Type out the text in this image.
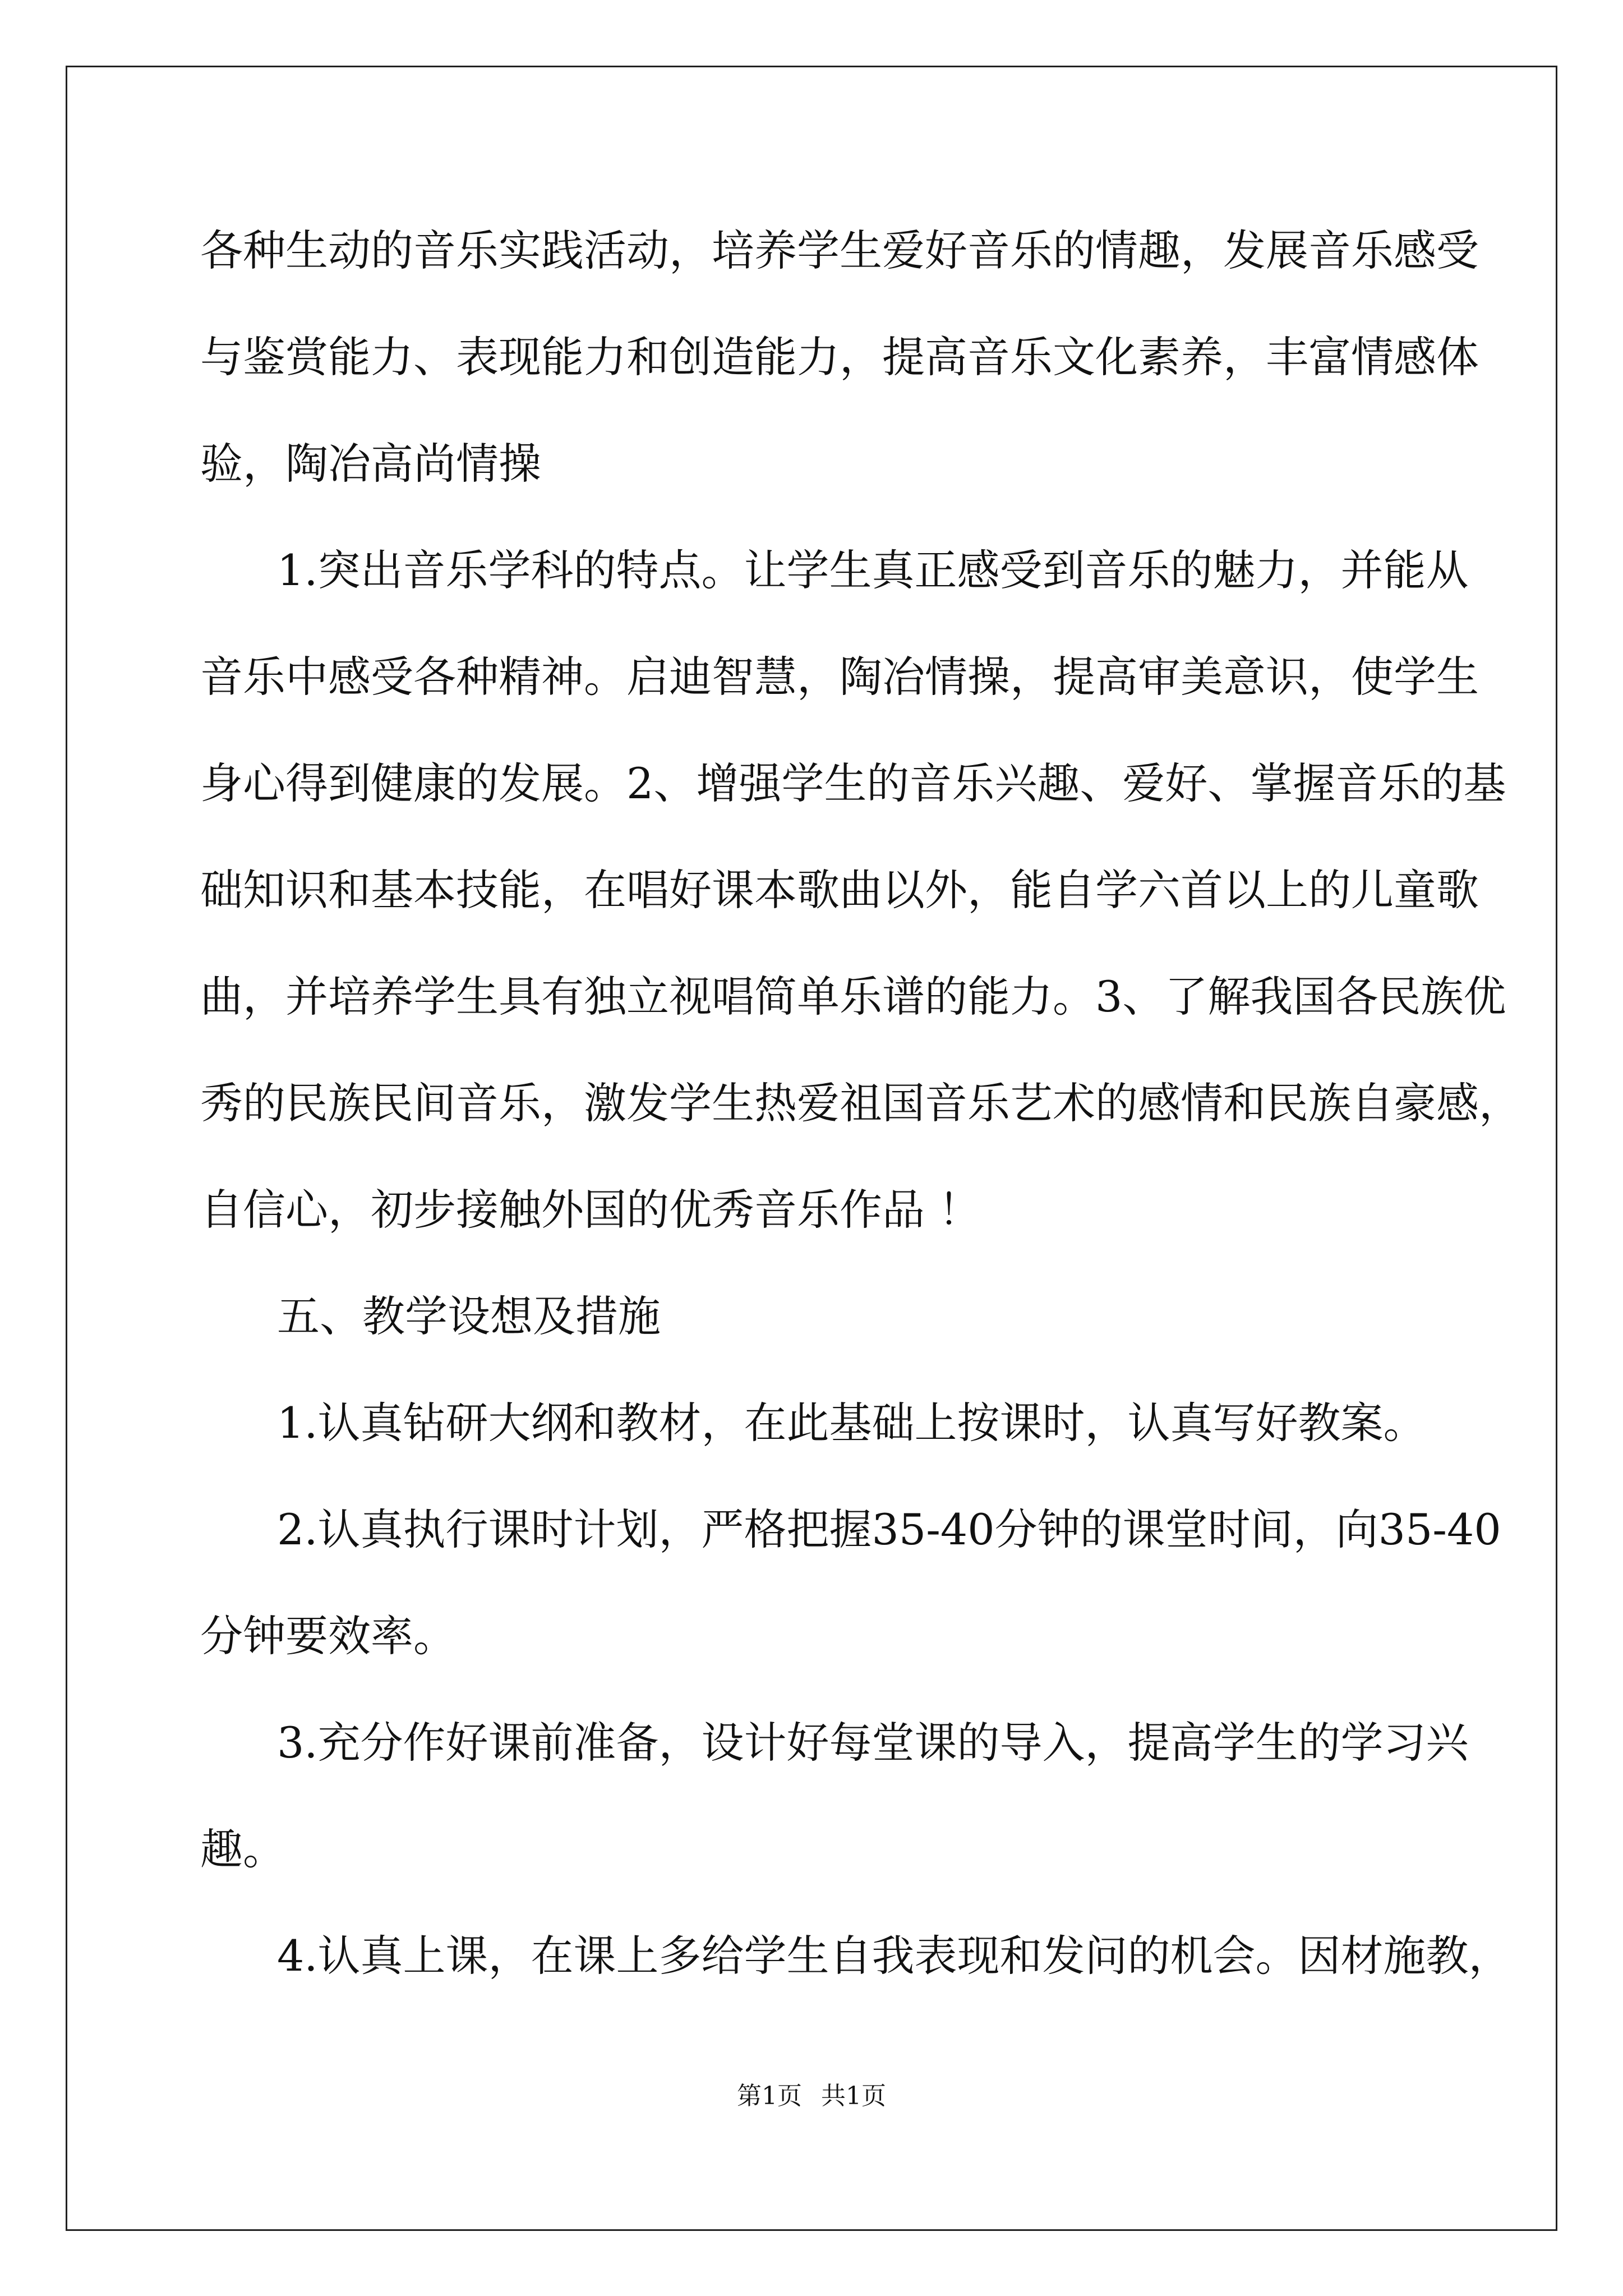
各种生动的音乐实践活动，培养学生爱好音乐的情趣，发展音乐感受
与鉴赏能力、表现能力和创造能力，提高音乐文化素养，丰富情感体
验，陶冶高尚情操
1.突出音乐学科的特点。让学生真正感受到音乐的魅力，并能从
音乐中感受各种精神。启迪智慧，陶冶情操，提高审美意识，使学生
身心得到健康的发展。2、增强学生的音乐兴趣、爱好、掌握音乐的基
础知识和基本技能，在唱好课本歌曲以外，能自学六首以上的儿童歌
曲，并培养学生具有独立视唱简单乐谱的能力。3、了解我国各民族优
秀的民族民间音乐，激发学生热爱祖国音乐艺术的感情和民族自豪感，
自信心，初步接触外国的优秀音乐作品 ！
五、教学设想及措施
1.认真钻研大纲和教材，在此基础上按课时，认真写好教案。
2.认真执行课时计划，严格把握35-40分钟的课堂时间，向35-40
分钟要效率。
3.充分作好课前准备，设计好每堂课的导入，提高学生的学习兴
趣。
4.认真上课，在课上多给学生自我表现和发问的机会。因材施教，
第1页 共1页
